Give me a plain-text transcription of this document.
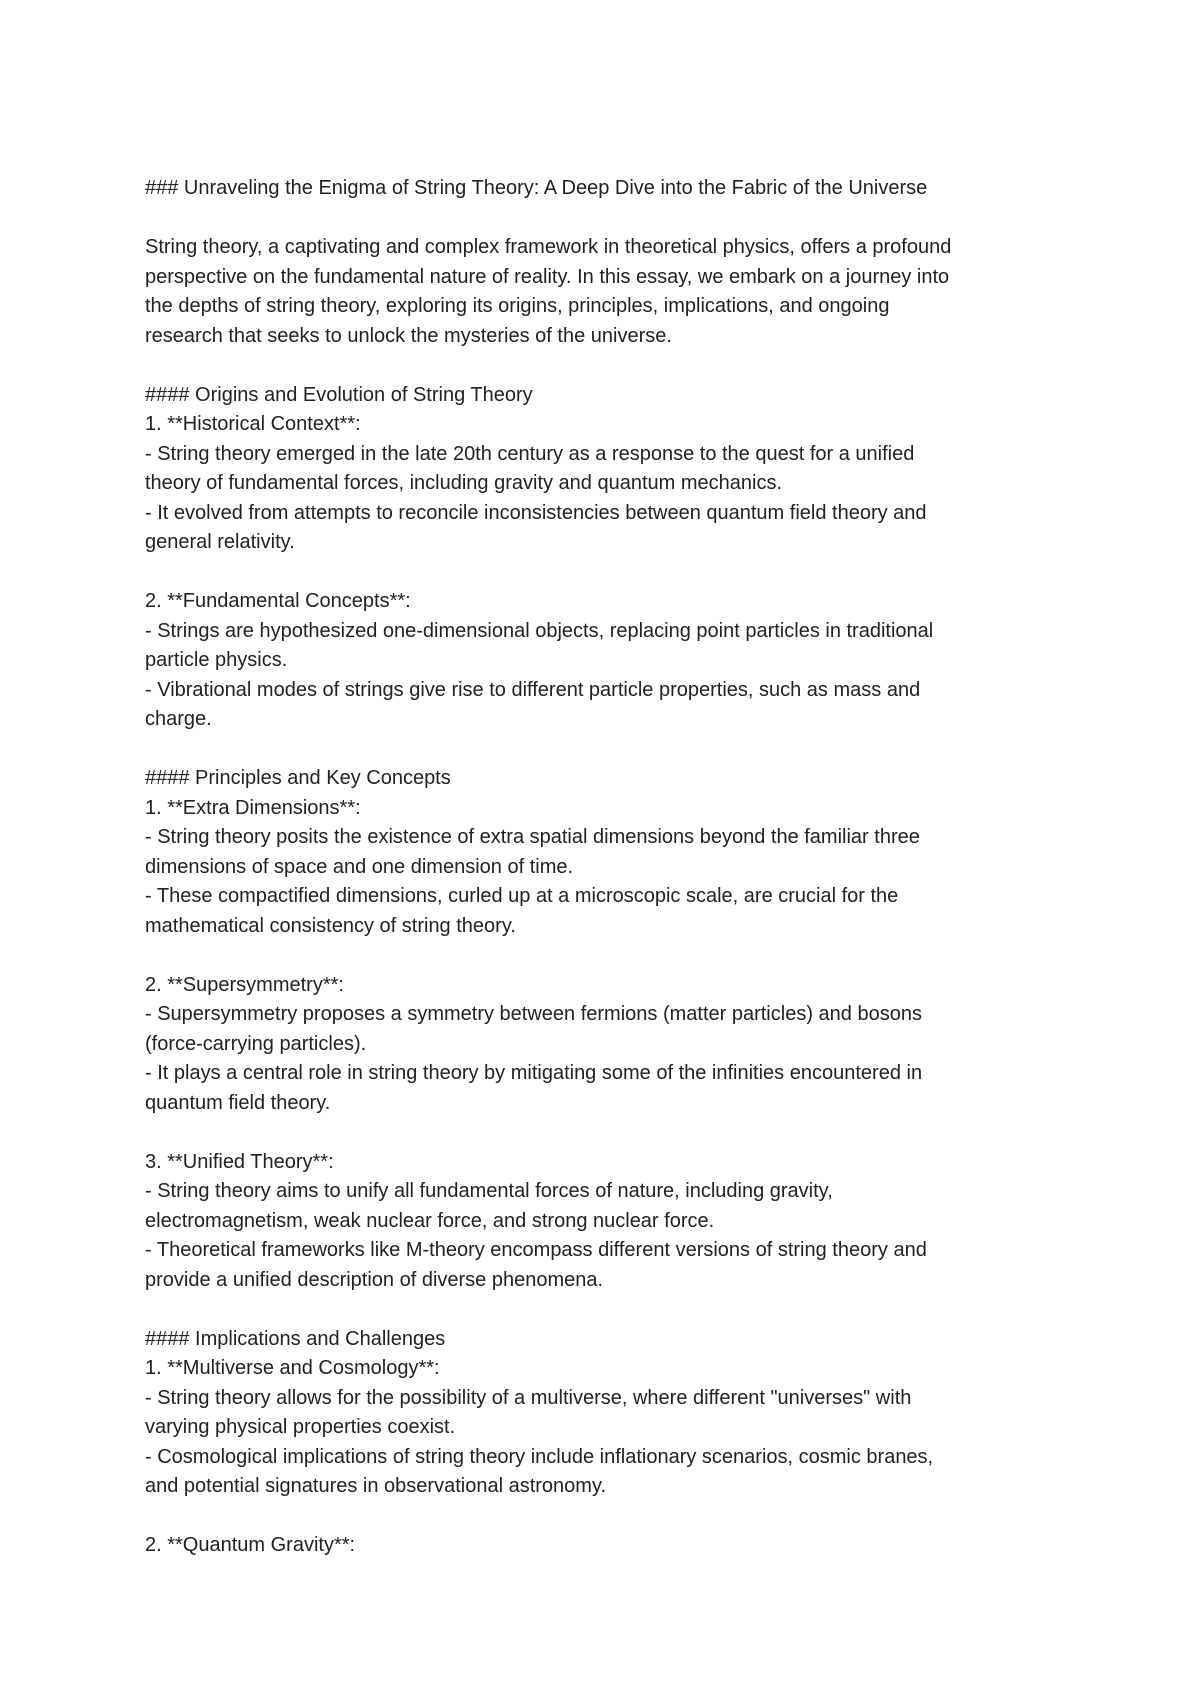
### Unraveling the Enigma of String Theory: A Deep Dive into the Fabric of the Universe
String theory, a captivating and complex framework in theoretical physics, offers a profound
perspective on the fundamental nature of reality. In this essay, we embark on a journey into
the depths of string theory, exploring its origins, principles, implications, and ongoing
research that seeks to unlock the mysteries of the universe.
#### Origins and Evolution of String Theory
1. **Historical Context**:
- String theory emerged in the late 20th century as a response to the quest for a unified
theory of fundamental forces, including gravity and quantum mechanics.
- It evolved from attempts to reconcile inconsistencies between quantum field theory and
general relativity.
2. **Fundamental Concepts**:
- Strings are hypothesized one-dimensional objects, replacing point particles in traditional
particle physics.
- Vibrational modes of strings give rise to different particle properties, such as mass and
charge.
#### Principles and Key Concepts
1. **Extra Dimensions**:
- String theory posits the existence of extra spatial dimensions beyond the familiar three
dimensions of space and one dimension of time.
- These compactified dimensions, curled up at a microscopic scale, are crucial for the
mathematical consistency of string theory.
2. **Supersymmetry**:
- Supersymmetry proposes a symmetry between fermions (matter particles) and bosons
(force-carrying particles).
- It plays a central role in string theory by mitigating some of the infinities encountered in
quantum field theory.
3. **Unified Theory**:
- String theory aims to unify all fundamental forces of nature, including gravity,
electromagnetism, weak nuclear force, and strong nuclear force.
- Theoretical frameworks like M-theory encompass different versions of string theory and
provide a unified description of diverse phenomena.
#### Implications and Challenges
1. **Multiverse and Cosmology**:
- String theory allows for the possibility of a multiverse, where different "universes" with
varying physical properties coexist.
- Cosmological implications of string theory include inflationary scenarios, cosmic branes,
and potential signatures in observational astronomy.
2. **Quantum Gravity**:
